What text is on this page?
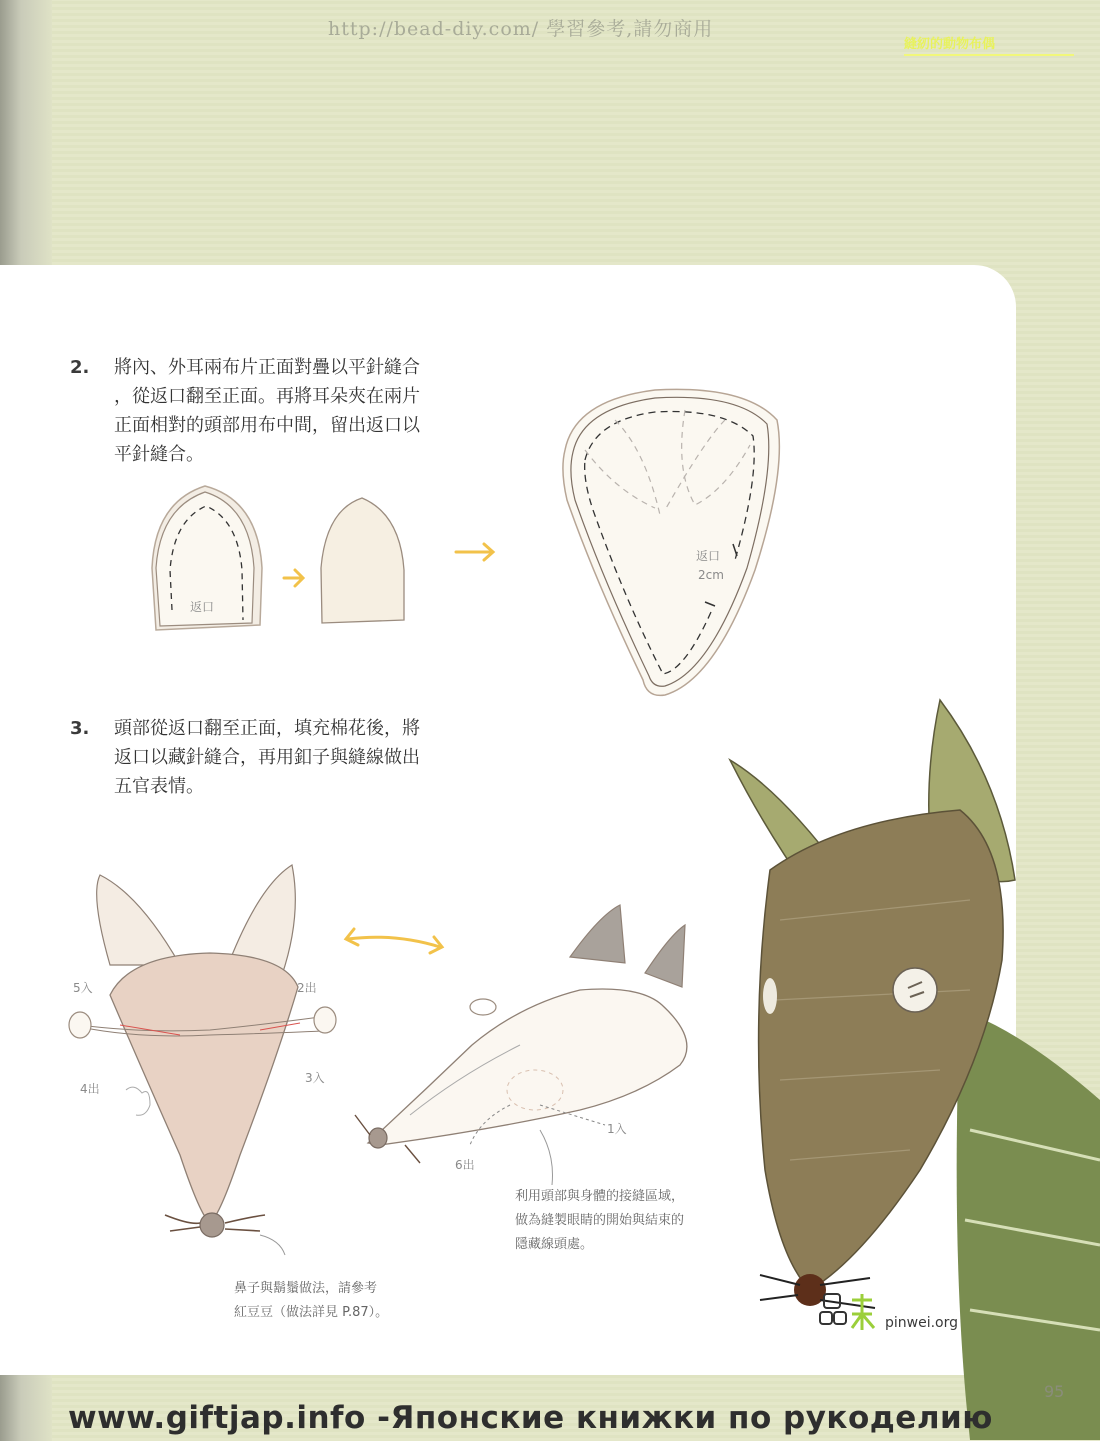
http://bead-diy.com/ 學習參考,請勿商用
縫紉的動物布偶
2. 將內、外耳兩布片正面對疊以平針縫合
，從返口翻至正面。再將耳朵夾在兩片
正面相對的頭部用布中間，留出返口以
平針縫合。
返口
返口
2cm
3. 頭部從返口翻至正面，填充棉花後，將
返口以藏針縫合，再用釦子與縫線做出
五官表情。
5入	2出
4出
3入
1入
6出
鼻子與鬍鬚做法，請參考
紅豆豆（做法詳見 P.87）。
利用頭部與身體的接縫區域，
做為縫製眼睛的開始與結束的
隱藏線頭處。
pinwei.org
95
www.giftjap.info -Японские книжки по рукоделию
